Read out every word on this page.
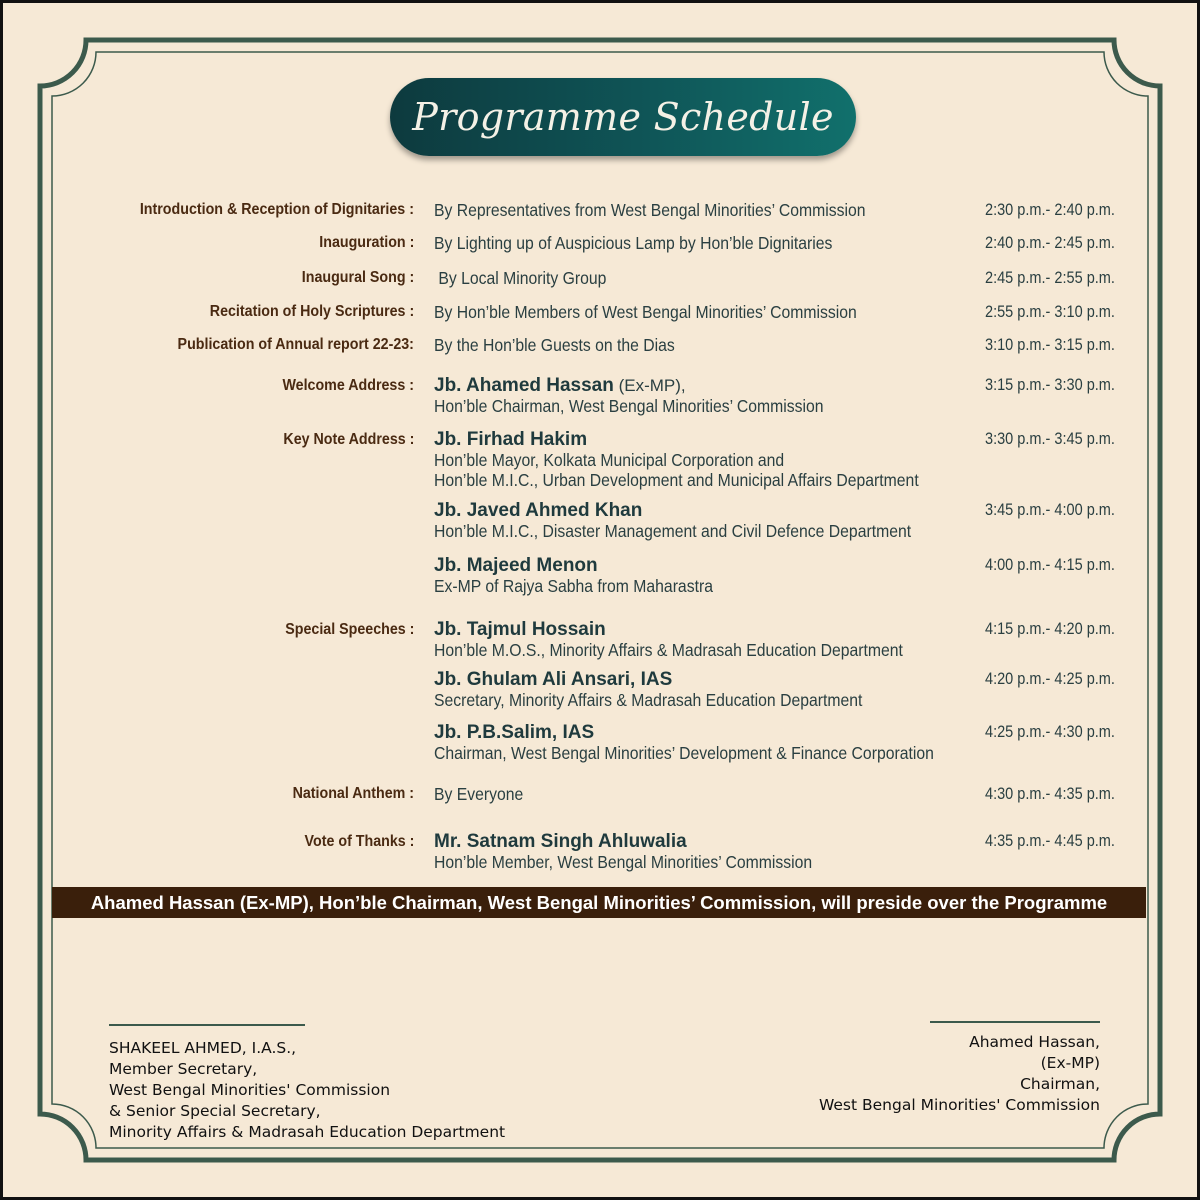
Programme Schedule
Introduction & Reception of Dignitaries : By Representatives from West Bengal Minorities’ Commission	2:30 p.m.- 2:40 p.m.
Inauguration : By Lighting up of Auspicious Lamp by Hon’ble Dignitaries	2:40 p.m.- 2:45 p.m.
Inaugural Song : By Local Minority Group	2:45 p.m.- 2:55 p.m.
Recitation of Holy Scriptures : By Hon’ble Members of West Bengal Minorities’ Commission	2:55 p.m.- 3:10 p.m.
Publication of Annual report 22-23: By the Hon’ble Guests on the Dias	3:10 p.m.- 3:15 p.m.
Welcome Address : Jb. Ahamed Hassan (Ex-MP),
Hon’ble Chairman, West Bengal Minorities’ Commission
3:15 p.m.- 3:30 p.m.
Key Note Address : Jb. Firhad Hakim
Hon’ble Mayor, Kolkata Municipal Corporation and
Hon’ble M.I.C., Urban Development and Municipal Affairs Department
3:30 p.m.- 3:45 p.m.
Jb. Javed Ahmed Khan
Hon’ble M.I.C., Disaster Management and Civil Defence Department
3:45 p.m.- 4:00 p.m.
Jb. Majeed Menon
Ex-MP of Rajya Sabha from Maharastra
4:00 p.m.- 4:15 p.m.
Special Speeches : Jb. Tajmul Hossain
Hon’ble M.O.S., Minority Affairs & Madrasah Education Department
4:15 p.m.- 4:20 p.m.
Jb. Ghulam Ali Ansari, IAS
Secretary, Minority Affairs & Madrasah Education Department
4:20 p.m.- 4:25 p.m.
Jb. P.B.Salim, IAS
Chairman, West Bengal Minorities’ Development & Finance Corporation
4:25 p.m.- 4:30 p.m.
National Anthem : By Everyone	4:30 p.m.- 4:35 p.m.
Vote of Thanks : Mr. Satnam Singh Ahluwalia
Hon’ble Member, West Bengal Minorities’ Commission
4:35 p.m.- 4:45 p.m.
Ahamed Hassan (Ex-MP), Hon’ble Chairman, West Bengal Minorities’ Commission, will preside over the Programme
SHAKEEL AHMED, I.A.S.,
Member Secretary,
West Bengal Minorities' Commission
& Senior Special Secretary,
Minority Affairs & Madrasah Education Department
Ahamed Hassan,
(Ex-MP)
Chairman,
West Bengal Minorities' Commission
